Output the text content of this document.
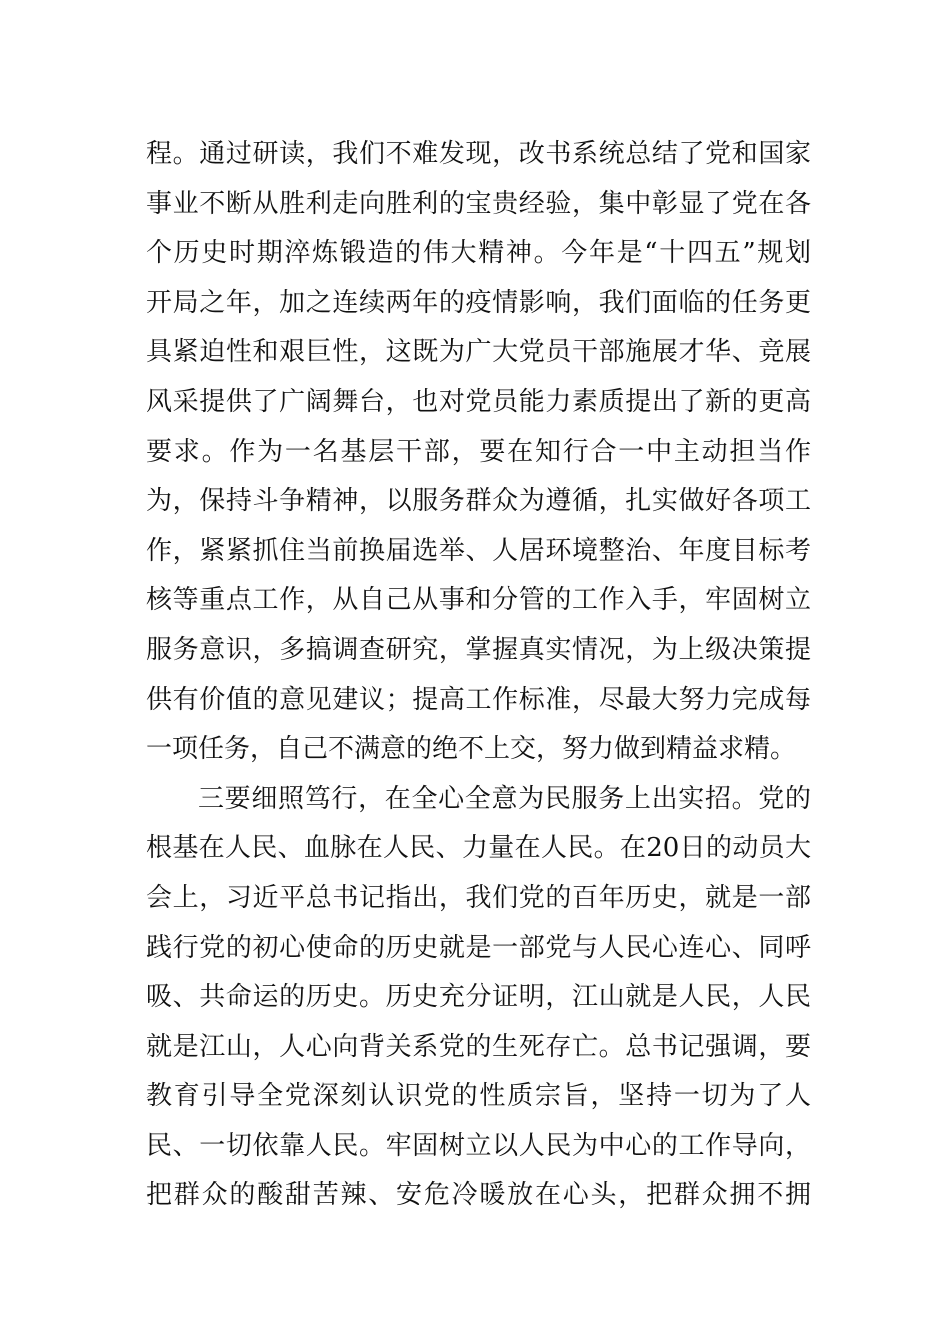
程。通过研读，我们不难发现，改书系统总结了党和国家
事业不断从胜利走向胜利的宝贵经验，集中彰显了党在各
个历史时期淬炼锻造的伟大精神。今年是“十四五”规划
开局之年，加之连续两年的疫情影响，我们面临的任务更
具紧迫性和艰巨性，这既为广大党员干部施展才华、竞展
风采提供了广阔舞台，也对党员能力素质提出了新的更高
要求。作为一名基层干部，要在知行合一中主动担当作
为，保持斗争精神，以服务群众为遵循，扎实做好各项工
作，紧紧抓住当前换届选举、人居环境整治、年度目标考
核等重点工作，从自己从事和分管的工作入手，牢固树立
服务意识，多搞调查研究，掌握真实情况，为上级决策提
供有价值的意见建议；提高工作标准，尽最大努力完成每
一项任务，自己不满意的绝不上交，努力做到精益求精。
三要细照笃行，在全心全意为民服务上出实招。党的
根基在人民、血脉在人民、力量在人民。在20日的动员大
会上，习近平总书记指出，我们党的百年历史，就是一部
践行党的初心使命的历史就是一部党与人民心连心、同呼
吸、共命运的历史。历史充分证明，江山就是人民，人民
就是江山，人心向背关系党的生死存亡。总书记强调，要
教育引导全党深刻认识党的性质宗旨，坚持一切为了人
民、一切依靠人民。牢固树立以人民为中心的工作导向，
把群众的酸甜苦辣、安危冷暖放在心头，把群众拥不拥
